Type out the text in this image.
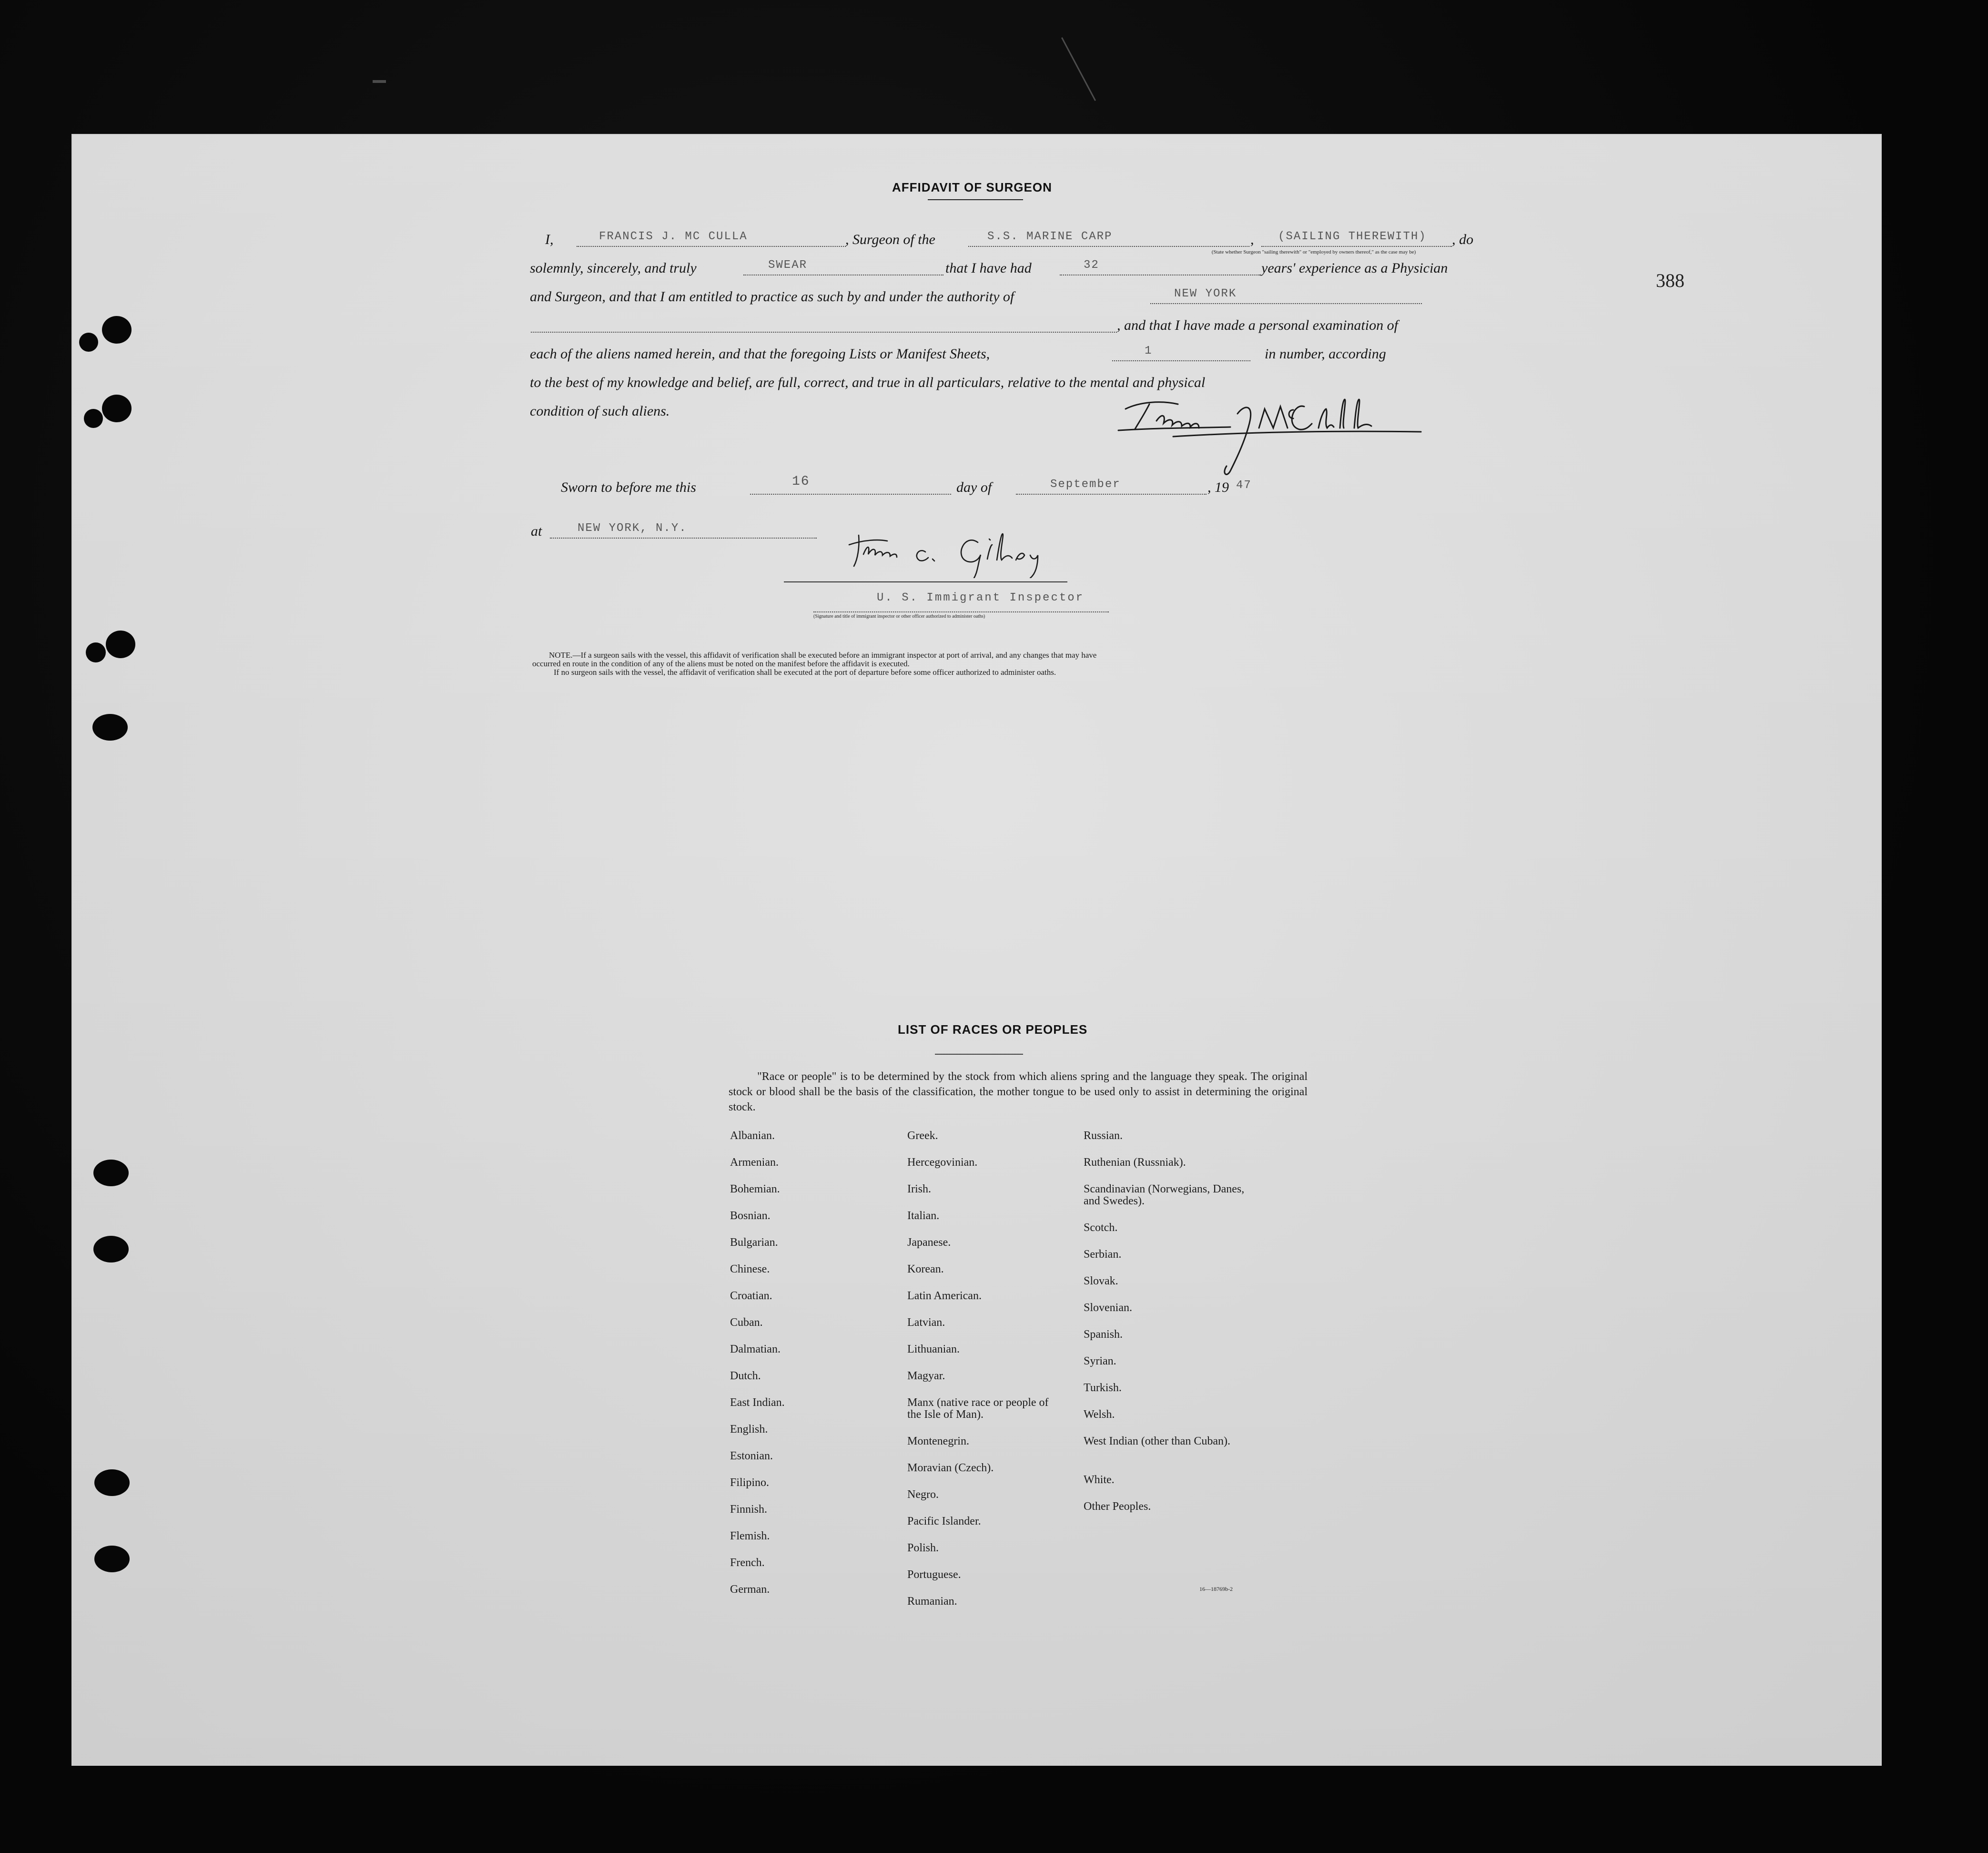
388
AFFIDAVIT OF SURGEON
I,	FRANCIS J. MC CULLA	, Surgeon of the	S.S. MARINE CARP	, (SAILING THEREWITH) , do
(State whether Surgeon "sailing therewith" or "employed by owners thereof," as the case may be)
solemnly, sincerely, and truly	SWEAR	that I have had	32	years' experience as a Physician
and Surgeon, and that I am entitled to practice as such by and under the authority of	NEW YORK
, and that I have made a personal examination of
each of the aliens named herein, and that the foregoing Lists or Manifest Sheets,	1	in number, according
to the best of my knowledge and belief, are full, correct, and true in all particulars, relative to the mental and physical
condition of such aliens.
Sworn to before me this	16	day of	September	, 19 47
at	NEW YORK, N.Y.
U. S. Immigrant Inspector
(Signature and title of immigrant inspector or other officer authorized to administer oaths)
NOTE.—If a surgeon sails with the vessel, this affidavit of verification shall be executed before an immigrant inspector at port of arrival, and any changes that may have
occurred en route in the condition of any of the aliens must be noted on the manifest before the affidavit is executed.
If no surgeon sails with the vessel, the affidavit of verification shall be executed at the port of departure before some officer authorized to administer oaths.
LIST OF RACES OR PEOPLES
"Race or people" is to be determined by the stock from which aliens spring and the language they speak. The original stock or blood shall be the basis of the classification, the mother tongue to be used only to assist in determining the original stock.
Albanian.
Armenian.
Bohemian.
Bosnian.
Bulgarian.
Chinese.
Croatian.
Cuban.
Dalmatian.
Dutch.
East Indian.
English.
Estonian.
Filipino.
Finnish.
Flemish.
French.
German.
Greek.
Hercegovinian.
Irish.
Italian.
Japanese.
Korean.
Latin American.
Latvian.
Lithuanian.
Magyar.
Manx (native race or people of the Isle of Man).
Montenegrin.
Moravian (Czech).
Negro.
Pacific Islander.
Polish.
Portuguese.
Rumanian.
Russian.
Ruthenian (Russniak).
Scandinavian (Norwegians, Danes, and Swedes).
Scotch.
Serbian.
Slovak.
Slovenian.
Spanish.
Syrian.
Turkish.
Welsh.
West Indian (other than Cuban).
White.
Other Peoples.
16—18769b-2
